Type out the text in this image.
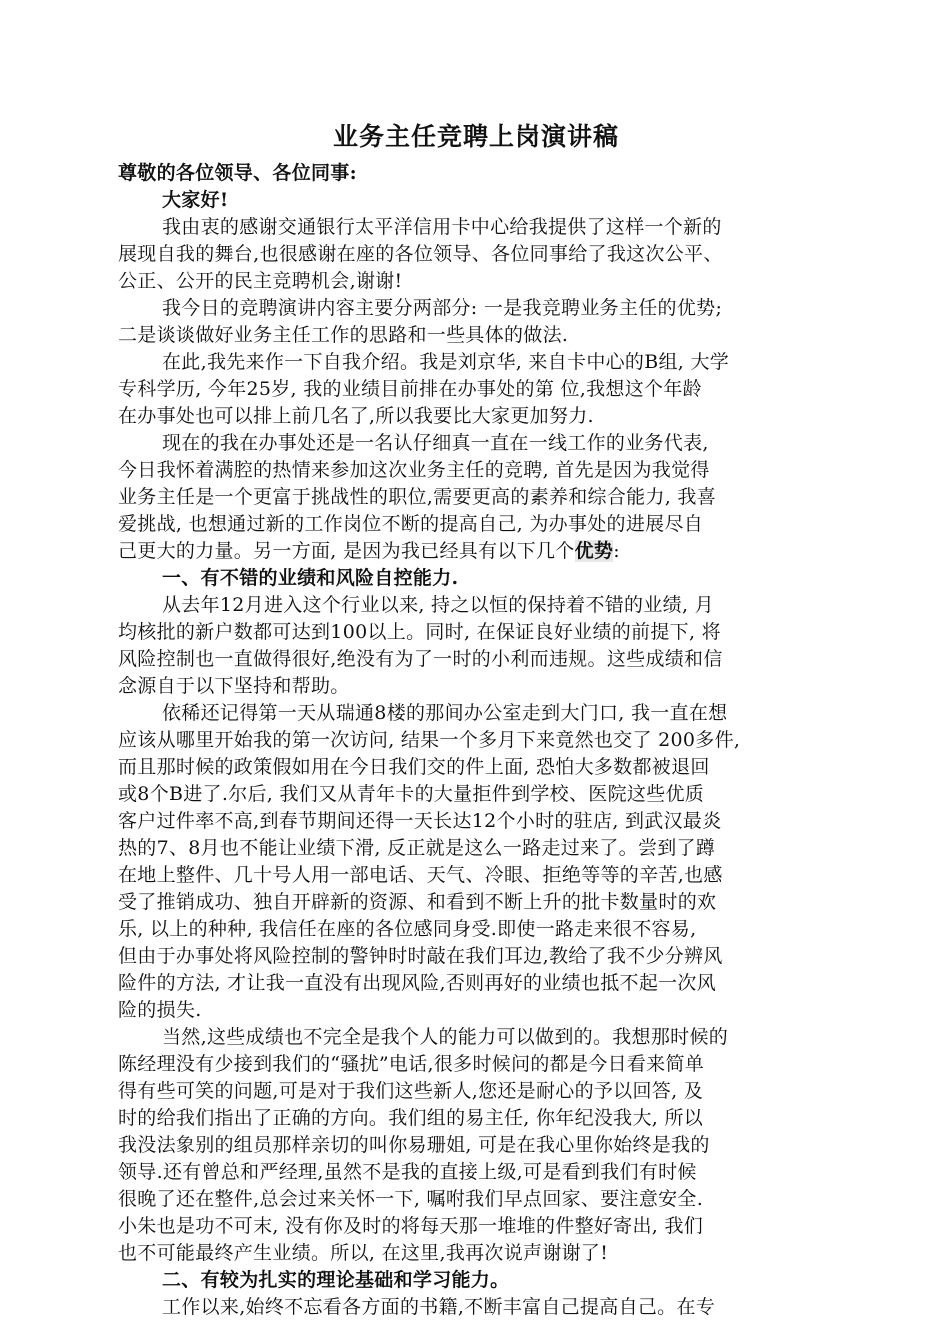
业务主任竞聘上岗演讲稿
尊敬的各位领导、各位同事:
大家好!
我由衷的感谢交通银行太平洋信用卡中心给我提供了这样一个新的
展现自我的舞台,也很感谢在座的各位领导、各位同事给了我这次公平、
公正、公开的民主竞聘机会,谢谢!
我今日的竞聘演讲内容主要分两部分: 一是我竞聘业务主任的优势;
二是谈谈做好业务主任工作的思路和一些具体的做法.
在此,我先来作一下自我介绍。我是刘京华, 来自卡中心的B组, 大学
专科学历, 今年25岁, 我的业绩目前排在办事处的第 位,我想这个年龄
在办事处也可以排上前几名了,所以我要比大家更加努力.
现在的我在办事处还是一名认仔细真一直在一线工作的业务代表,
今日我怀着满腔的热情来参加这次业务主任的竞聘, 首先是因为我觉得
业务主任是一个更富于挑战性的职位,需要更高的素养和综合能力, 我喜
爱挑战, 也想通过新的工作岗位不断的提高自己, 为办事处的进展尽自
己更大的力量。另一方面, 是因为我已经具有以下几个优势:
一、有不错的业绩和风险自控能力.
从去年12月进入这个行业以来, 持之以恒的保持着不错的业绩, 月
均核批的新户数都可达到100以上。同时, 在保证良好业绩的前提下, 将
风险控制也一直做得很好,绝没有为了一时的小利而违规。这些成绩和信
念源自于以下坚持和帮助。
依稀还记得第一天从瑞通8楼的那间办公室走到大门口, 我一直在想
应该从哪里开始我的第一次访问, 结果一个多月下来竟然也交了 200多件,
而且那时候的政策假如用在今日我们交的件上面, 恐怕大多数都被退回
或8个B进了.尔后, 我们又从青年卡的大量拒件到学校、医院这些优质
客户过件率不高,到春节期间还得一天长达12个小时的驻店, 到武汉最炎
热的7、8月也不能让业绩下滑, 反正就是这么一路走过来了。尝到了蹲
在地上整件、几十号人用一部电话、天气、冷眼、拒绝等等的辛苦,也感
受了推销成功、独自开辟新的资源、和看到不断上升的批卡数量时的欢
乐, 以上的种种, 我信任在座的各位感同身受.即使一路走来很不容易,
但由于办事处将风险控制的警钟时时敲在我们耳边,教给了我不少分辨风
险件的方法, 才让我一直没有出现风险,否则再好的业绩也抵不起一次风
险的损失.
当然,这些成绩也不完全是我个人的能力可以做到的。我想那时候的
陈经理没有少接到我们的“骚扰”电话,很多时候问的都是今日看来简单
得有些可笑的问题,可是对于我们这些新人,您还是耐心的予以回答, 及
时的给我们指出了正确的方向。我们组的易主任, 你年纪没我大, 所以
我没法象别的组员那样亲切的叫你易珊姐, 可是在我心里你始终是我的
领导.还有曾总和严经理,虽然不是我的直接上级,可是看到我们有时候
很晚了还在整件,总会过来关怀一下, 嘱咐我们早点回家、要注意安全.
小朱也是功不可末, 没有你及时的将每天那一堆堆的件整好寄出, 我们
也不可能最终产生业绩。所以, 在这里,我再次说声谢谢了!
二、有较为扎实的理论基础和学习能力。
工作以来,始终不忘看各方面的书籍,不断丰富自己提高自己。在专
